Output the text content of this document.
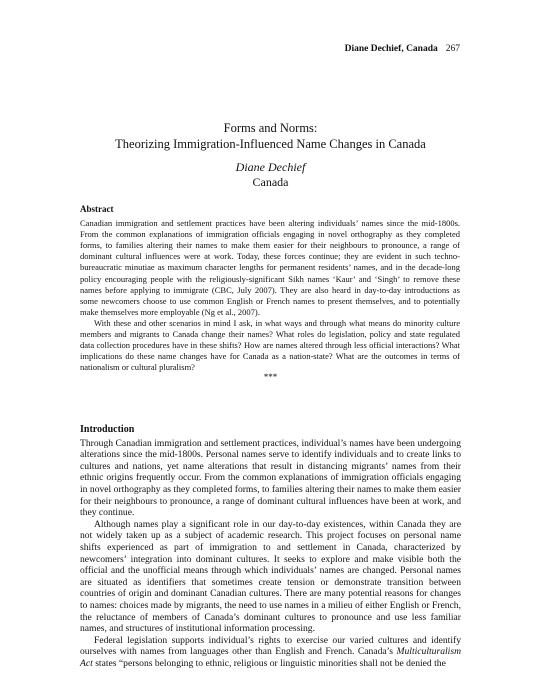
Diane Dechief, Canada 267
Forms and Norms:
Theorizing Immigration-Influenced Name Changes in Canada
Diane Dechief
Canada
Abstract

Canadian immigration and settlement practices have been altering individuals’ names since the mid-1800s. From the common explanations of immigration officials engaging in novel orthography as they completed forms, to families altering their names to make them easier for their neighbours to pronounce, a range of dominant cultural influences were at work. Today, these forces continue; they are evident in such techno-bureaucratic minutiae as maximum character lengths for permanent residents’ names, and in the decade-long policy encouraging people with the religiously-significant Sikh names ‘Kaur’ and ‘Singh’ to remove these names before applying to immigrate (CBC, July 2007). They are also heard in day-to-day introductions as some newcomers choose to use common English or French names to present themselves, and to potentially make themselves more employable (Ng et al., 2007).

With these and other scenarios in mind I ask, in what ways and through what means do minority culture members and migrants to Canada change their names? What roles do legislation, policy and state regulated data collection procedures have in these shifts? How are names altered through less official interactions? What implications do these name changes have for Canada as a nation-state? What are the outcomes in terms of nationalism or cultural pluralism?

***
Introduction

Through Canadian immigration and settlement practices, individual’s names have been undergoing alterations since the mid-1800s. Personal names serve to identify individuals and to create links to cultures and nations, yet name alterations that result in distancing migrants’ names from their ethnic origins frequently occur. From the common explanations of immigration officials engaging in novel orthography as they completed forms, to families altering their names to make them easier for their neighbours to pronounce, a range of dominant cultural influences have been at work, and they continue.

Although names play a significant role in our day-to-day existences, within Canada they are not widely taken up as a subject of academic research. This project focuses on personal name shifts experienced as part of immigration to and settlement in Canada, characterized by newcomers’ integration into dominant cultures. It seeks to explore and make visible both the official and the unofficial means through which individuals’ names are changed. Personal names are situated as identifiers that sometimes create tension or demonstrate transition between countries of origin and dominant Canadian cultures. There are many potential reasons for changes to names: choices made by migrants, the need to use names in a milieu of either English or French, the reluctance of members of Canada’s dominant cultures to pronounce and use less familiar names, and structures of institutional information processing.

Federal legislation supports individual’s rights to exercise our varied cultures and identify ourselves with names from languages other than English and French. Canada’s Multiculturalism Act states “persons belonging to ethnic, religious or linguistic minorities shall not be denied the
